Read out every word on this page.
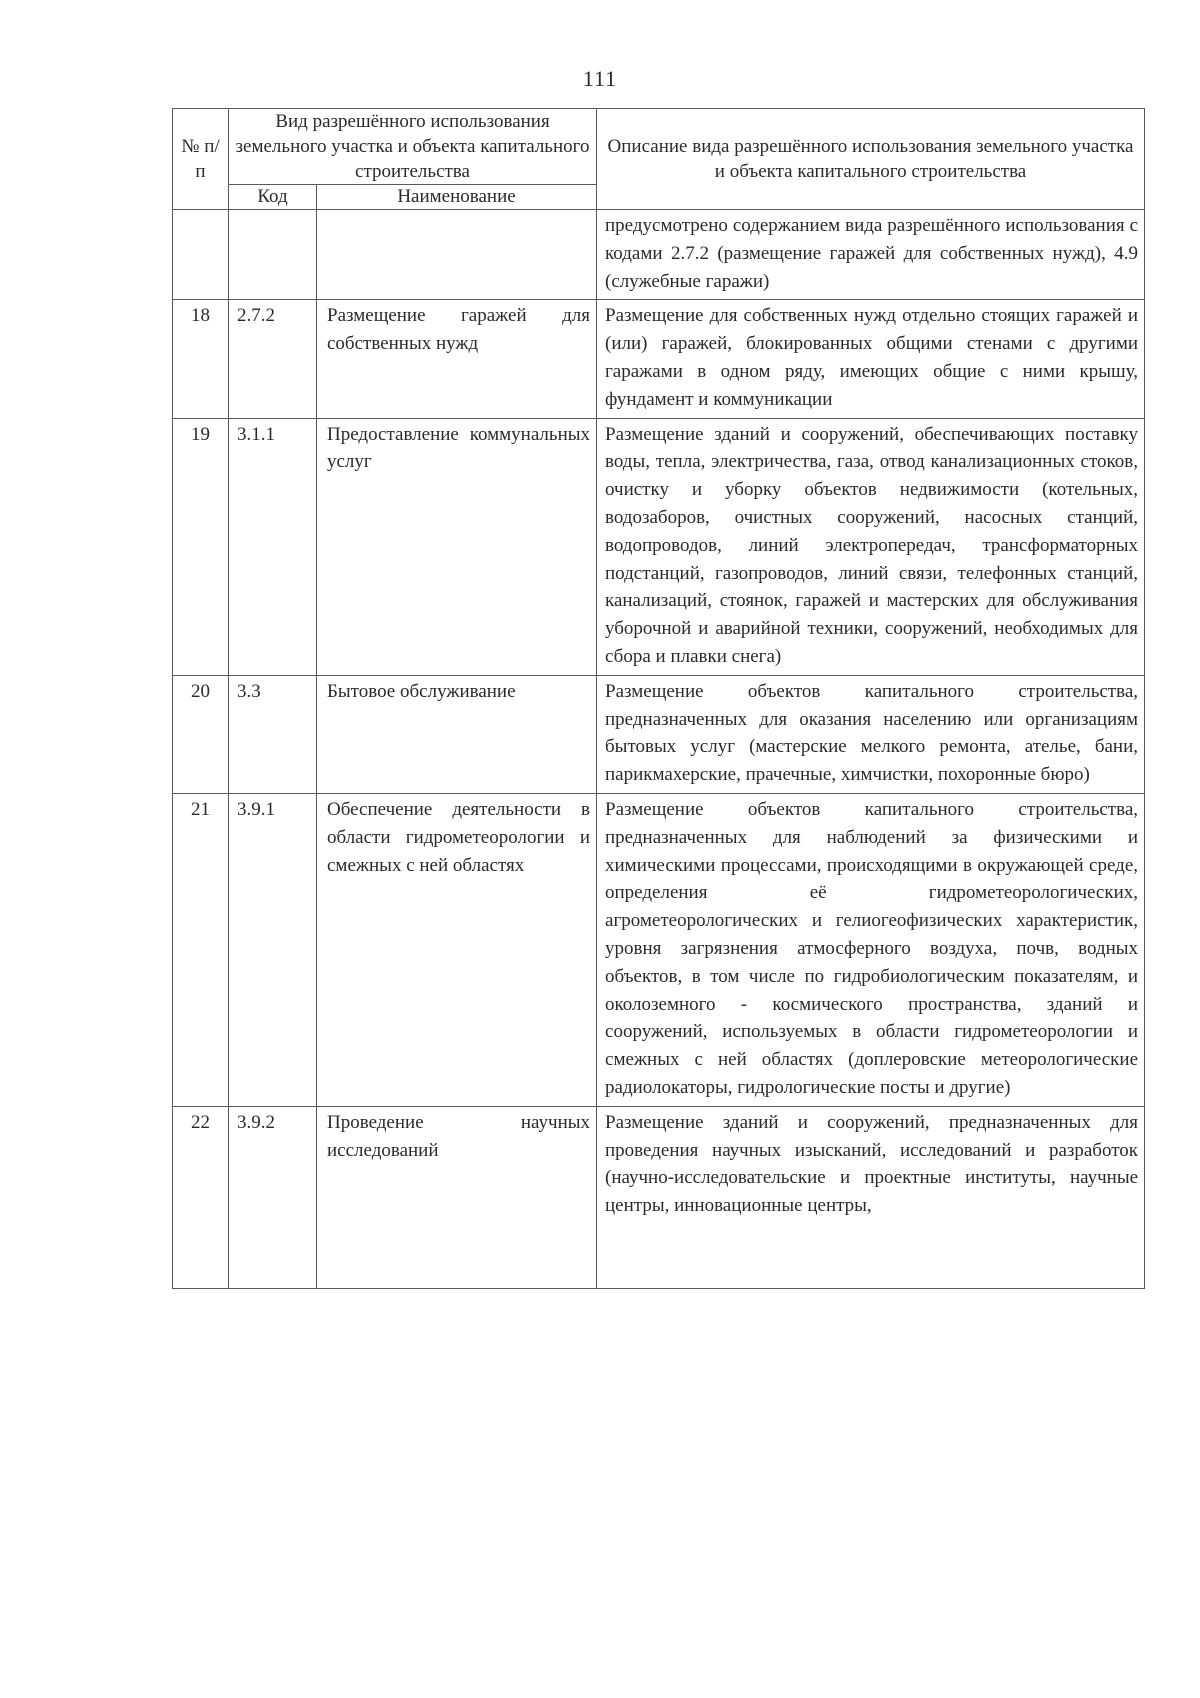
111
№ п/п	Вид разрешённого использования земельного участка и объекта капитального строительства		Описание вида разрешённого использования земельного участка и объекта капитального строительства
	Код	Наименование	
			предусмотрено содержанием вида разрешённого использования с кодами 2.7.2 (размещение гаражей для собственных нужд), 4.9 (служебные гаражи)
18	2.7.2	Размещение гаражей для собственных нужд	Размещение для собственных нужд отдельно стоящих гаражей и (или) гаражей, блокированных общими стенами с другими гаражами в одном ряду, имеющих общие с ними крышу, фундамент и коммуникации
19	3.1.1	Предоставление коммунальных услуг	Размещение зданий и сооружений, обеспечивающих поставку воды, тепла, электричества, газа, отвод канализационных стоков, очистку и уборку объектов недвижимости (котельных, водозаборов, очистных сооружений, насосных станций, водопроводов, линий электропередач, трансформаторных подстанций, газопроводов, линий связи, телефонных станций, канализаций, стоянок, гаражей и мастерских для обслуживания уборочной и аварийной техники, сооружений, необходимых для сбора и плавки снега)
20	3.3	Бытовое обслуживание	Размещение объектов капитального строительства, предназначенных для оказания населению или организациям бытовых услуг (мастерские мелкого ремонта, ателье, бани, парикмахерские, прачечные, химчистки, похоронные бюро)
21	3.9.1	Обеспечение деятельности в области гидрометеорологии и смежных с ней областях	Размещение объектов капитального строительства, предназначенных для наблюдений за физическими и химическими процессами, происходящими в окружающей среде, определения её гидрометеорологических, агрометеорологических и гелиогеофизических характеристик, уровня загрязнения атмосферного воздуха, почв, водных объектов, в том числе по гидробиологическим показателям, и околоземного - космического пространства, зданий и сооружений, используемых в области гидрометеорологии и смежных с ней областях (доплеровские метеорологические радиолокаторы, гидрологические посты и другие)
22	3.9.2	Проведение научных исследований	Размещение зданий и сооружений, предназначенных для проведения научных изысканий, исследований и разработок (научно-исследовательские и проектные институты, научные центры, инновационные центры,
